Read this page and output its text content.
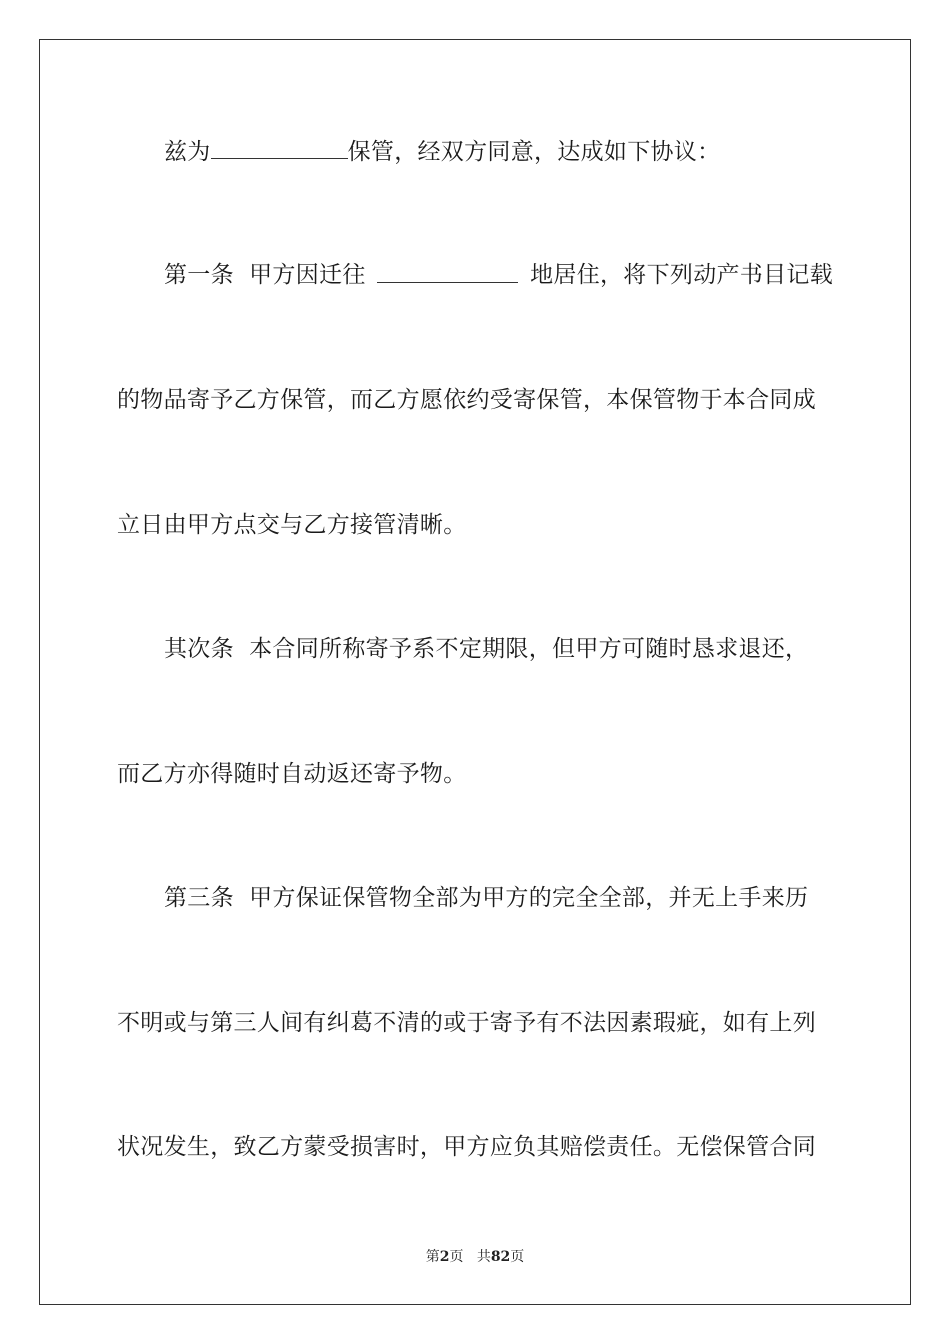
兹为	保管，经双方同意，达成如下协议：
第一条  甲方因迁往	地居住，将下列动产书目记载
的物品寄予乙方保管，而乙方愿依约受寄保管，本保管物于本合同成
立日由甲方点交与乙方接管清晰。
其次条  本合同所称寄予系不定期限，但甲方可随时恳求退还，
而乙方亦得随时自动返还寄予物。
第三条  甲方保证保管物全部为甲方的完全全部，并无上手来历
不明或与第三人间有纠葛不清的或于寄予有不法因素瑕疵，如有上列
状况发生，致乙方蒙受损害时，甲方应负其赔偿责任。无偿保管合同
第2页 共82页
